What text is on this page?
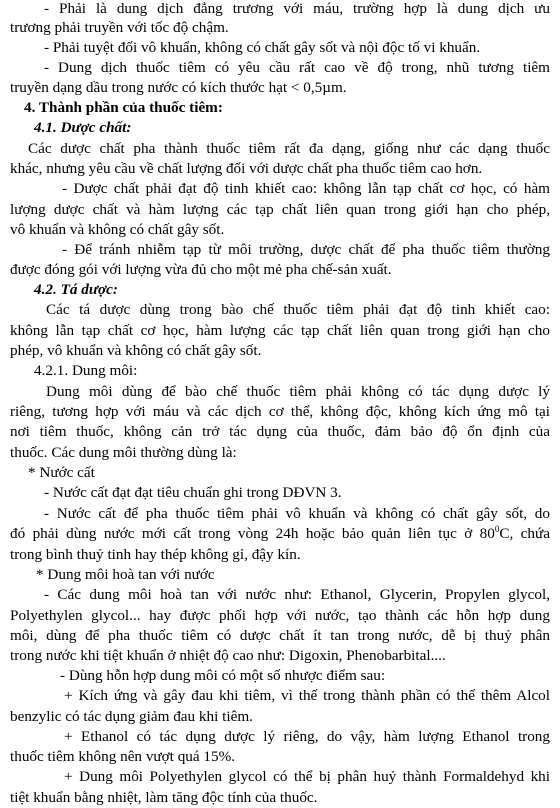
- Phải là dung dịch đẳng trương với máu, trường hợp là dung dịch ưu

trương phải truyền với tốc độ chậm.

- Phải tuyệt đối vô khuẩn, không có chất gây sốt và nội độc tố vi khuẩn.

- Dung dịch thuốc tiêm có yêu cầu rất cao về độ trong, nhũ tương tiêm

truyền dạng dầu trong nước có kích thước hạt < 0,5µm.

4. Thành phần của thuốc tiêm:

4.1. Dược chất:

Các dược chất pha thành thuốc tiêm rất đa dạng, giống như các dạng thuốc

khác, nhưng yêu cầu về chất lượng đối với dược chất pha thuốc tiêm cao hơn.

- Dược chất phải đạt độ tinh khiết cao: không lẫn tạp chất cơ học, có hàm

lượng dược chất và hàm lượng các tạp chất liên quan trong giới hạn cho phép,

vô khuẩn và không có chất gây sốt.

- Để tránh nhiễm tạp từ môi trường, dược chất để pha thuốc tiêm thường

được đóng gói với lượng vừa đủ cho một mẻ pha chế-sản xuất.

4.2. Tá dược:

Các tá dược dùng trong bào chế thuốc tiêm phải đạt độ tinh khiết cao:

không lẫn tạp chất cơ học, hàm lượng các tạp chất liên quan trong giới hạn cho

phép, vô khuẩn và không có chất gây sốt.

4.2.1. Dung môi:

Dung môi dùng để bào chế thuốc tiêm phải không có tác dụng dược lý

riêng, tương hợp với máu và các dịch cơ thể, không độc, không kích ứng mô tại

nơi tiêm thuốc, không cản trở tác dụng của thuốc, đảm bảo độ ổn định của

thuốc. Các dung môi thường dùng là:

* Nước cất

- Nước cất đạt đạt tiêu chuẩn ghi trong DĐVN 3.

- Nước cất để pha thuốc tiêm phải vô khuẩn và không có chất gây sốt, do

đó phải dùng nước mới cất trong vòng 24h hoặc bảo quản liên tục ở $80^0C$, chứa

trong bình thuỷ tinh hay thép không gỉ, đậy kín.

* Dung môi hoà tan với nước

- Các dung môi hoà tan với nước như: Ethanol, Glycerin, Propylen glycol,

Polyethylen glycol... hay được phối hợp với nước, tạo thành các hỗn hợp dung

môi, dùng để pha thuốc tiêm có dược chất ít tan trong nước, dễ bị thuỷ phân

trong nước khi tiệt khuẩn ở nhiệt độ cao như: Digoxin, Phenobarbital....

- Dùng hỗn hợp dung môi có một số nhược điểm sau:

+ Kích ứng và gây đau khi tiêm, vì thế trong thành phần có thể thêm Alcol

benzylic có tác dụng giảm đau khi tiêm.

+ Ethanol có tác dụng dược lý riêng, do vậy, hàm lượng Ethanol trong

thuốc tiêm không nên vượt quá 15%.

+ Dung môi Polyethylen glycol có thể bị phân huỷ thành Formaldehyd khi

tiệt khuẩn bằng nhiệt, làm tăng độc tính của thuốc.
